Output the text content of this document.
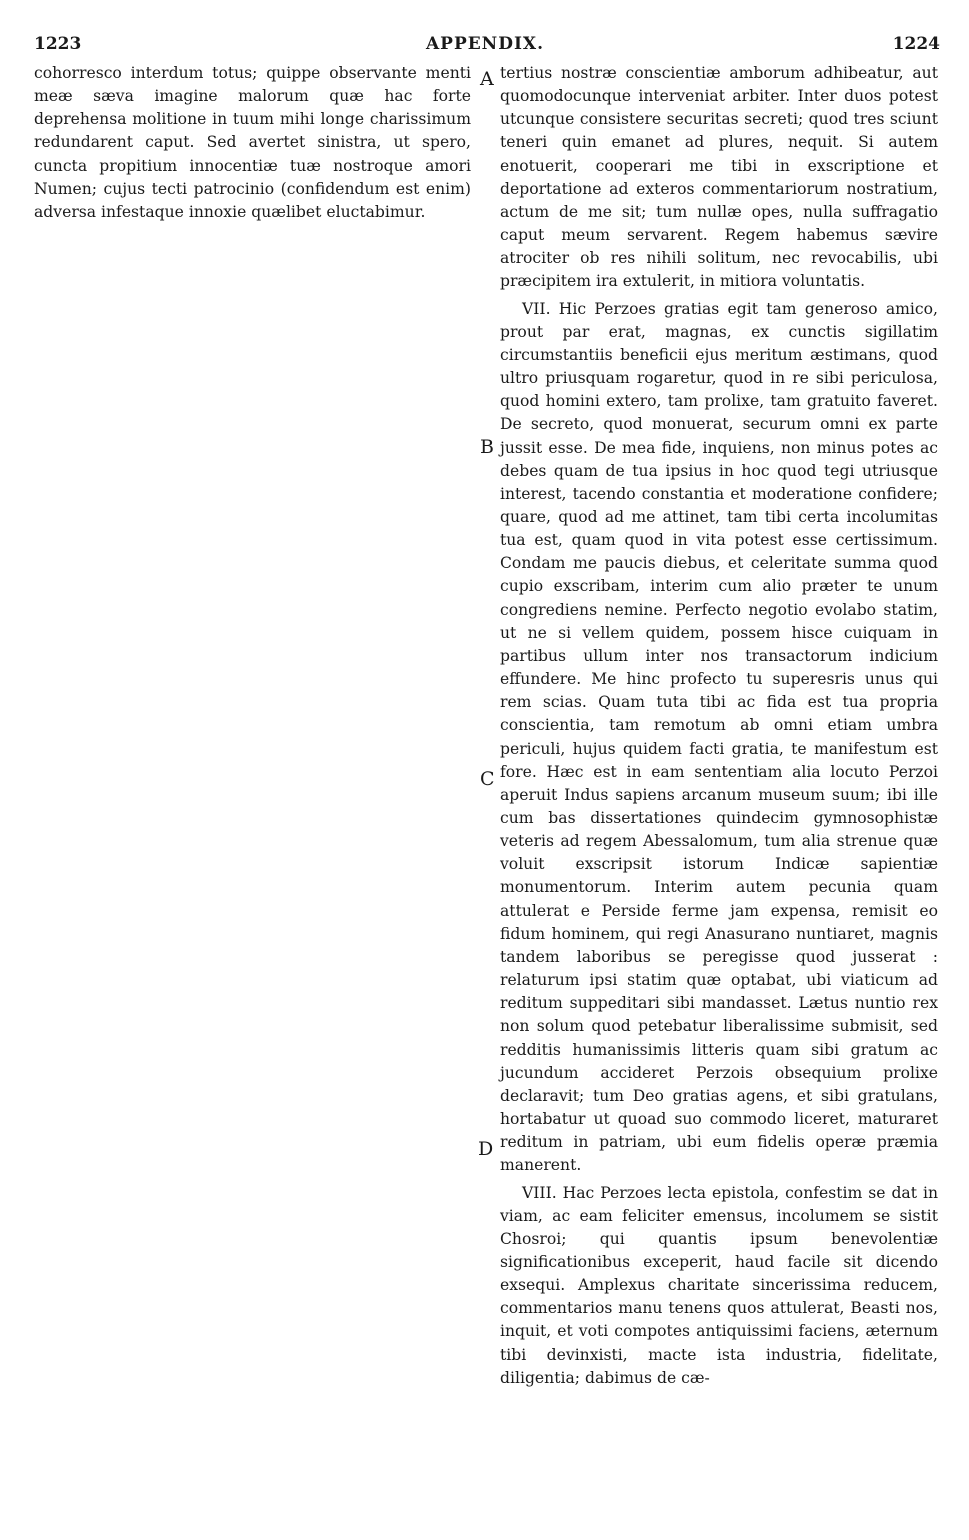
1223	APPENDIX.	1224

cohorresco interdum totus; quippe observante menti meæ sæva imagine malorum quæ hac forte deprehensa molitione in tuum mihi longe charissimum redundarent caput. Sed avertet sinistra, ut spero, cuncta propitium innocentiæ tuæ nostroque amori Numen; cujus tecti patrocinio (confidendum est enim) adversa infestaque innoxie quælibet eluctabimur.

tertius nostræ conscientiæ amborum adhibeatur, aut quomodocunque interveniat arbiter. Inter duos potest utcunque consistere securitas secreti; quod tres sciunt teneri quin emanet ad plures, nequit. Si autem enotuerit, cooperari me tibi in exscriptione et deportatione ad exteros commentariorum nostratium, actum de me sit; tum nullæ opes, nulla suffragatio caput meum servarent. Regem habemus sævire atrociter ob res nihili solitum, nec revocabilis, ubi præcipitem ira extulerit, in mitiora voluntatis.

VII. Hic Perzoes gratias egit tam generoso amico, prout par erat, magnas, ex cunctis sigillatim circumstantiis beneficii ejus meritum æstimans, quod ultro priusquam rogaretur, quod in re sibi periculosa, quod homini extero, tam prolixe, tam gratuito faveret. De secreto, quod monuerat, securum omni ex parte jussit esse. De mea fide, inquiens, non minus potes ac debes quam de tua ipsius in hoc quod tegi utriusque interest, tacendo constantia et moderatione confidere; quare, quod ad me attinet, tam tibi certa incolumitas tua est, quam quod in vita potest esse certissimum. Condam me paucis diebus, et celeritate summa quod cupio exscribam, interim cum alio præter te unum congrediens nemine. Perfecto negotio evolabo statim, ut ne si vellem quidem, possem hisce cuiquam in partibus ullum inter nos transactorum indicium effundere. Me hinc profecto tu superesris unus qui rem scias. Quam tuta tibi ac fida est tua propria conscientia, tam remotum ab omni etiam umbra periculi, hujus quidem facti gratia, te manifestum est fore. Hæc est in eam sententiam alia locuto Perzoi aperuit Indus sapiens arcanum museum suum; ibi ille cum bas dissertationes quindecim gymnosophistæ veteris ad regem Abessalomum, tum alia strenue quæ voluit exscripsit istorum Indicæ sapientiæ monumentorum. Interim autem pecunia quam attulerat e Perside ferme jam expensa, remisit eo fidum hominem, qui regi Anasurano nuntiaret, magnis tandem laboribus se peregisse quod jusserat : relaturum ipsi statim quæ optabat, ubi viaticum ad reditum suppeditari sibi mandasset. Lætus nuntio rex non solum quod petebatur liberalissime submisit, sed redditis humanissimis litteris quam sibi gratum ac jucundum accideret Perzois obsequium prolixe declaravit; tum Deo gratias agens, et sibi gratulans, hortabatur ut quoad suo commodo liceret, maturaret reditum in patriam, ubi eum fidelis operæ præmia manerent.

VIII. Hac Perzoes lecta epistola, confestim se dat in viam, ac eam feliciter emensus, incolumem se sistit Chosroi; qui quantis ipsum benevolentiæ significationibus exceperit, haud facile sit dicendo exsequi. Amplexus charitate sincerissima reducem, commentarios manu tenens quos attulerat, Beasti nos, inquit, et voti compotes antiquissimi faciens, æternum tibi devinxisti, macte ista industria, fidelitate, diligentia; dabimus de cæ-

A
B
C
D
